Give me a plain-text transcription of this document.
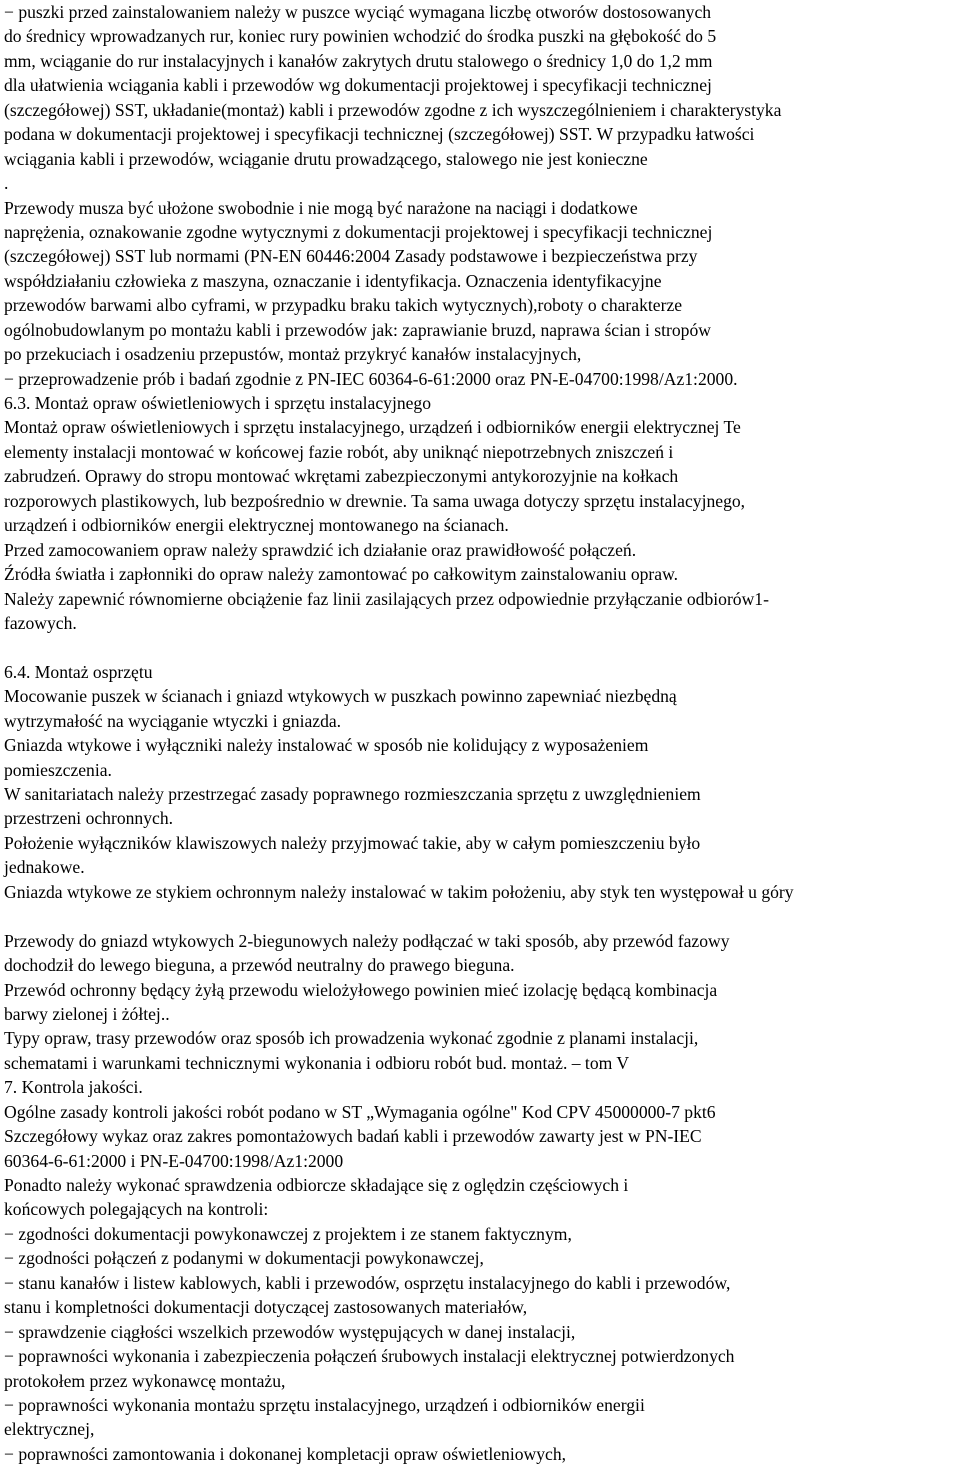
− puszki przed zainstalowaniem należy w puszce wyciąć wymagana liczbę otworów dostosowanych
do średnicy wprowadzanych rur, koniec rury powinien wchodzić do środka puszki na głębokość do 5
mm, wciąganie do rur instalacyjnych i kanałów zakrytych drutu stalowego o średnicy 1,0 do 1,2 mm
dla ułatwienia wciągania kabli i przewodów wg dokumentacji projektowej i specyfikacji technicznej
(szczegółowej) SST, układanie(montaż) kabli i przewodów zgodne z ich wyszczególnieniem i charakterystyka
podana w dokumentacji projektowej i specyfikacji technicznej (szczegółowej) SST. W przypadku łatwości
wciągania kabli i przewodów, wciąganie drutu prowadzącego, stalowego nie jest konieczne
.
Przewody musza być ułożone swobodnie i nie mogą być narażone na naciągi i dodatkowe
naprężenia, oznakowanie zgodne wytycznymi z dokumentacji projektowej i specyfikacji technicznej
(szczegółowej) SST lub normami (PN-EN 60446:2004 Zasady podstawowe i bezpieczeństwa przy
współdziałaniu człowieka z maszyna, oznaczanie i identyfikacja. Oznaczenia identyfikacyjne
przewodów barwami albo cyframi, w przypadku braku takich wytycznych),roboty o charakterze
ogólnobudowlanym po montażu kabli i przewodów jak: zaprawianie bruzd, naprawa ścian i stropów
po przekuciach i osadzeniu przepustów, montaż przykryć kanałów instalacyjnych,
− przeprowadzenie prób i badań zgodnie z PN-IEC 60364-6-61:2000 oraz PN-E-04700:1998/Az1:2000.
6.3. Montaż opraw oświetleniowych i sprzętu instalacyjnego
Montaż opraw oświetleniowych i sprzętu instalacyjnego, urządzeń i odbiorników energii elektrycznej Te
elementy instalacji montować w końcowej fazie robót, aby uniknąć niepotrzebnych zniszczeń i
zabrudzeń. Oprawy do stropu montować wkrętami zabezpieczonymi antykorozyjnie na kołkach
rozporowych plastikowych, lub bezpośrednio w drewnie. Ta sama uwaga dotyczy sprzętu instalacyjnego,
urządzeń i odbiorników energii elektrycznej montowanego na ścianach.
Przed zamocowaniem opraw należy sprawdzić ich działanie oraz prawidłowość połączeń.
Źródła światła i zapłonniki do opraw należy zamontować po całkowitym zainstalowaniu opraw.
Należy zapewnić równomierne obciążenie faz linii zasilających przez odpowiednie przyłączanie odbiorów1-
fazowych.
6.4. Montaż osprzętu
Mocowanie puszek w ścianach i gniazd wtykowych w puszkach powinno zapewniać niezbędną
wytrzymałość na wyciąganie wtyczki i gniazda.
Gniazda wtykowe i wyłączniki należy instalować w sposób nie kolidujący z wyposażeniem
pomieszczenia.
W sanitariatach należy przestrzegać zasady poprawnego rozmieszczania sprzętu z uwzględnieniem
przestrzeni ochronnych.
Położenie wyłączników klawiszowych należy przyjmować takie, aby w całym pomieszczeniu było
jednakowe.
Gniazda wtykowe ze stykiem ochronnym należy instalować w takim położeniu, aby styk ten występował u góry
Przewody do gniazd wtykowych 2-biegunowych należy podłączać w taki sposób, aby przewód fazowy
dochodził do lewego bieguna, a przewód neutralny do prawego bieguna.
Przewód ochronny będący żyłą przewodu wielożyłowego powinien mieć izolację będącą kombinacja
barwy zielonej i żółtej..
Typy opraw, trasy przewodów oraz sposób ich prowadzenia wykonać zgodnie z planami instalacji,
schematami i warunkami technicznymi wykonania i odbioru robót bud. montaż. – tom V
7. Kontrola jakości.
Ogólne zasady kontroli jakości robót podano w ST „Wymagania ogólne" Kod CPV 45000000-7 pkt6
Szczegółowy wykaz oraz zakres pomontażowych badań kabli i przewodów zawarty jest w PN-IEC
60364-6-61:2000 i PN-E-04700:1998/Az1:2000
Ponadto należy wykonać sprawdzenia odbiorcze składające się z oględzin częściowych i
końcowych polegających na kontroli:
− zgodności dokumentacji powykonawczej z projektem i ze stanem faktycznym,
− zgodności połączeń z podanymi w dokumentacji powykonawczej,
− stanu kanałów i listew kablowych, kabli i przewodów, osprzętu instalacyjnego do kabli i przewodów,
stanu i kompletności dokumentacji dotyczącej zastosowanych materiałów,
− sprawdzenie ciągłości wszelkich przewodów występujących w danej instalacji,
− poprawności wykonania i zabezpieczenia połączeń śrubowych instalacji elektrycznej potwierdzonych
protokołem przez wykonawcę montażu,
− poprawności wykonania montażu sprzętu instalacyjnego, urządzeń i odbiorników energii
elektrycznej,
− poprawności zamontowania i dokonanej kompletacji opraw oświetleniowych,
